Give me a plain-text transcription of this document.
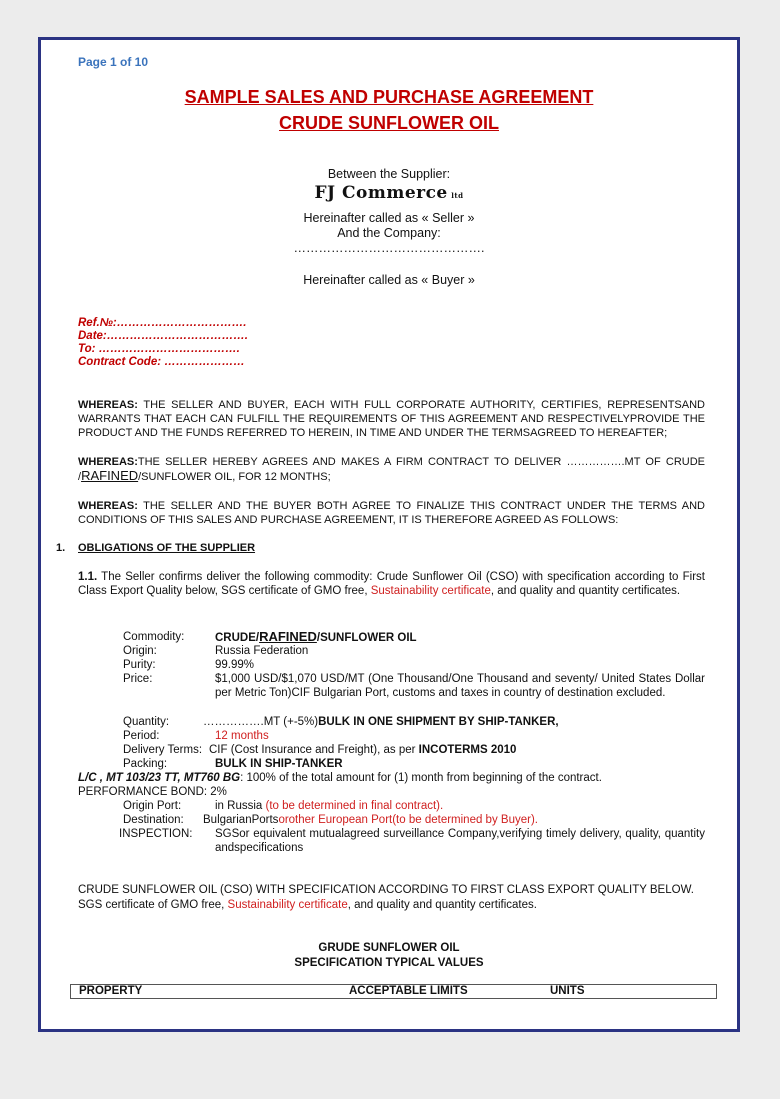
Page 1 of 10
SAMPLE SALES AND PURCHASE AGREEMENT
CRUDE SUNFLOWER OIL
Between the Supplier:
FJ Commerce ltd
Hereinafter called as « Seller »
And the Company:
……………………………………….
Hereinafter called as « Buyer »
Ref.№:…………………………….
Date:……………………………….
To: ……………………………….
Contract Code: …………………
WHEREAS: THE SELLER AND BUYER, EACH WITH FULL CORPORATE AUTHORITY, CERTIFIES, REPRESENTSAND WARRANTS THAT EACH CAN FULFILL THE REQUIREMENTS OF THIS AGREEMENT AND RESPECTIVELYPROVIDE THE PRODUCT AND THE FUNDS REFERRED TO HEREIN, IN TIME AND UNDER THE TERMSAGREED TO HEREAFTER;
WHEREAS:THE SELLER HEREBY AGREES AND MAKES A FIRM CONTRACT TO DELIVER …………….MT OF CRUDE /RAFINED/SUNFLOWER OIL, FOR 12 MONTHS;
WHEREAS: THE SELLER AND THE BUYER BOTH AGREE TO FINALIZE THIS CONTRACT UNDER THE TERMS AND CONDITIONS OF THIS SALES AND PURCHASE AGREEMENT, IT IS THEREFORE AGREED AS FOLLOWS:
1. OBLIGATIONS OF THE SUPPLIER
1.1. The Seller confirms deliver the following commodity: Crude Sunflower Oil (CSO) with specification according to First Class Export Quality below, SGS certificate of GMO free, Sustainability certificate, and quality and quantity certificates.
Commodity:	CRUDE/RAFINED/SUNFLOWER OIL
Origin:	Russia Federation
Purity:	99.99%
Price:	$1,000 USD/$1,070 USD/MT (One Thousand/One Thousand and seventy/ United States Dollar per Metric Ton)CIF Bulgarian Port, customs and taxes in country of destination excluded.
Quantity:	…………….MT (+-5%)BULK IN ONE SHIPMENT BY SHIP-TANKER,
Period:	12 months
Delivery Terms: CIF (Cost Insurance and Freight), as per INCOTERMS 2010
Packing:	BULK IN SHIP-TANKER
L/C , MT 103/23 TT, MT760 BG: 100% of the total amount for (1) month from beginning of the contract.
PERFORMANCE BOND: 2%
Origin Port:	in Russia (to be determined in final contract).
Destination: BulgarianPortsorother European Port(to be determined by Buyer).
INSPECTION: SGSor equivalent mutualagreed surveillance Company,verifying timely delivery, quality, quantity andspecifications
CRUDE SUNFLOWER OIL (CSO) WITH SPECIFICATION ACCORDING TO FIRST CLASS EXPORT QUALITY BELOW.
SGS certificate of GMO free, Sustainability certificate, and quality and quantity certificates.
GRUDE SUNFLOWER OIL
SPECIFICATION TYPICAL VALUES
PROPERTY	ACCEPTABLE LIMITS	UNITS
